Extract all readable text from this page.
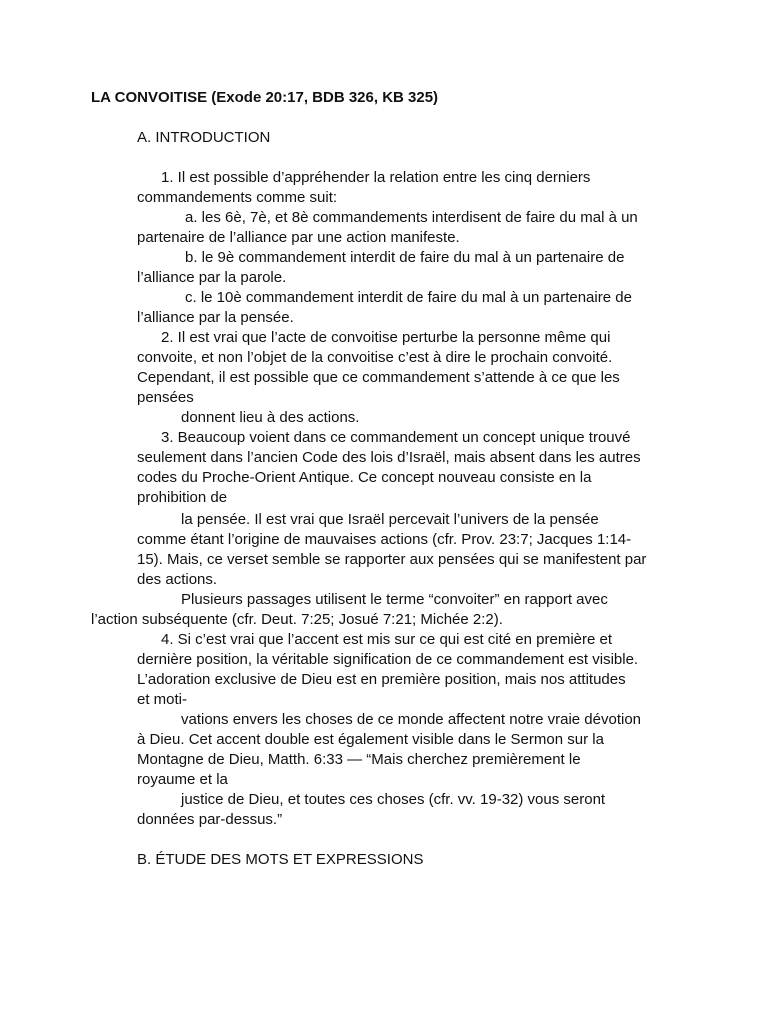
LA CONVOITISE (Exode 20:17, BDB 326, KB 325)

A. INTRODUCTION

1. Il est possible d’appréhender la relation entre les cinq derniers

commandements comme suit:

a. les 6è, 7è, et 8è commandements interdisent de faire du mal à un

partenaire de l’alliance par une action manifeste.

b. le 9è commandement interdit de faire du mal à un partenaire de

l’alliance par la parole.

c. le 10è commandement interdit de faire du mal à un partenaire de

l’alliance par la pensée.

2. Il est vrai que l’acte de convoitise perturbe la personne même qui

convoite, et non l’objet de la convoitise c’est à dire le prochain convoité.

Cependant, il est possible que ce commandement s’attende à ce que les

pensées

donnent lieu à des actions.

3. Beaucoup voient dans ce commandement un concept unique trouvé

seulement dans l’ancien Code des lois d’Israël, mais absent dans les autres

codes du Proche-Orient Antique. Ce concept nouveau consiste en la

prohibition de

la pensée. Il est vrai que Israël percevait l’univers de la pensée

comme étant l’origine de mauvaises actions (cfr. Prov. 23:7; Jacques 1:14-

15). Mais, ce verset semble se rapporter aux pensées qui se manifestent par

des actions.

Plusieurs passages utilisent le terme “convoiter” en rapport avec

l’action subséquente (cfr. Deut. 7:25; Josué 7:21; Michée 2:2).

4. Si c’est vrai que l’accent est mis sur ce qui est cité en première et

dernière position, la véritable signification de ce commandement est visible.

L’adoration exclusive de Dieu est en première position, mais nos attitudes

et moti-

vations envers les choses de ce monde affectent notre vraie dévotion

à Dieu. Cet accent double est également visible dans le Sermon sur la

Montagne de Dieu, Matth. 6:33 — “Mais cherchez premièrement le

royaume et la

justice de Dieu, et toutes ces choses (cfr. vv. 19-32) vous seront

données par-dessus.”

B. ÉTUDE DES MOTS ET EXPRESSIONS
